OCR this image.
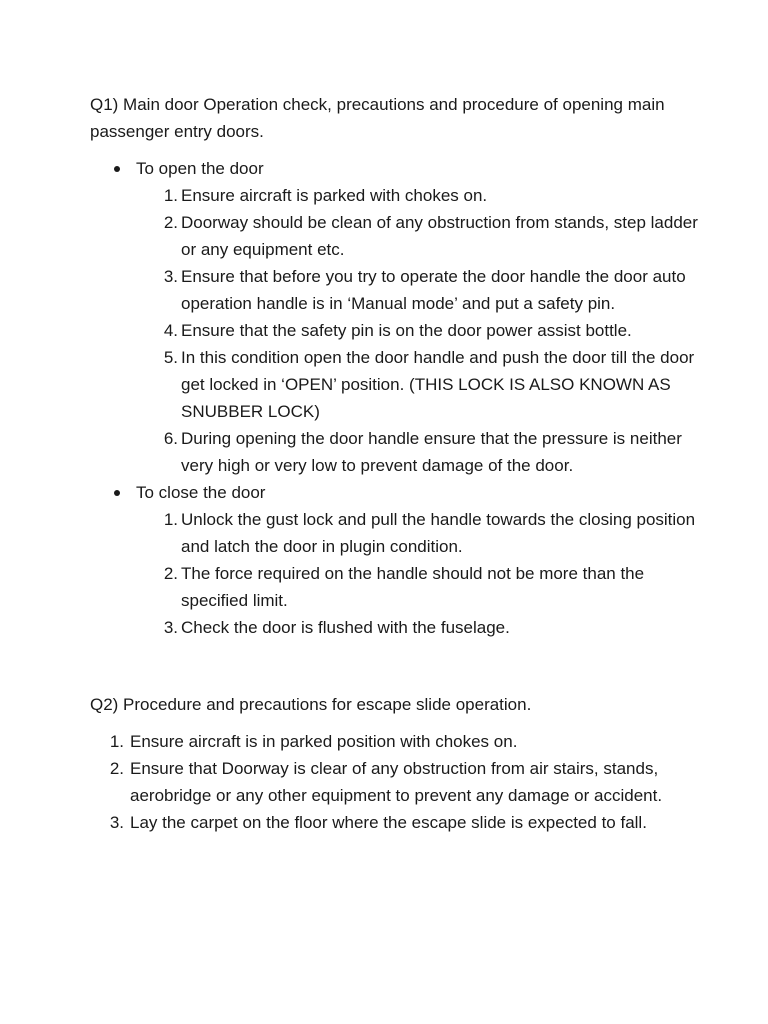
Q1) Main door Operation check, precautions and procedure of opening main passenger entry doors.

To open the door
1. Ensure aircraft is parked with chokes on.
2. Doorway should be clean of any obstruction from stands, step ladder or any equipment etc.
3. Ensure that before you try to operate the door handle the door auto operation handle is in ‘Manual mode’ and put a safety pin.
4. Ensure that the safety pin is on the door power assist bottle.
5. In this condition open the door handle and push the door till the door get locked in ‘OPEN’ position. (THIS LOCK IS ALSO KNOWN AS SNUBBER LOCK)
6. During opening the door handle ensure that the pressure is neither very high or very low to prevent damage of the door.
To close the door
1. Unlock the gust lock and pull the handle towards the closing position and latch the door in plugin condition.
2. The force required on the handle should not be more than the specified limit.
3. Check the door is flushed with the fuselage.

Q2) Procedure and precautions for escape slide operation.

1. Ensure aircraft is in parked position with chokes on.
2. Ensure that Doorway is clear of any obstruction from air stairs, stands, aerobridge or any other equipment to prevent any damage or accident.
3. Lay the carpet on the floor where the escape slide is expected to fall.
